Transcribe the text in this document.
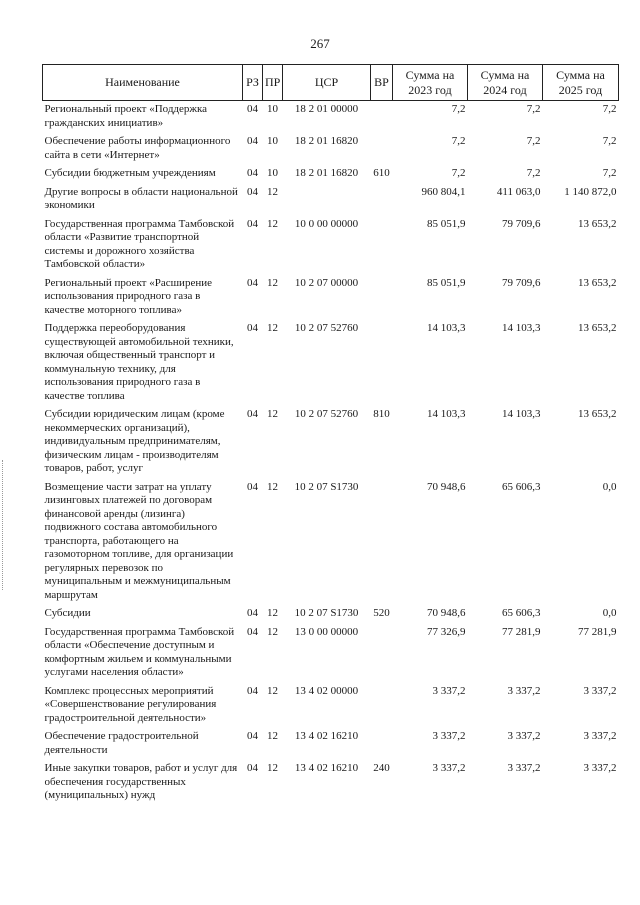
267
Наименование	РЗ	ПР	ЦСР	ВР	Сумма на 2023 год	Сумма на 2024 год	Сумма на 2025 год
Региональный проект «Поддержка гражданских инициатив»	04	10	18 2 01 00000		7,2	7,2	7,2
Обеспечение работы информационного сайта в сети «Интернет»	04	10	18 2 01 16820		7,2	7,2	7,2
Субсидии бюджетным учреждениям	04	10	18 2 01 16820	610	7,2	7,2	7,2
Другие вопросы в области национальной экономики	04	12			960 804,1	411 063,0	1 140 872,0
Государственная программа Тамбовской области «Развитие транспортной системы и дорожного хозяйства Тамбовской области»	04	12	10 0 00 00000		85 051,9	79 709,6	13 653,2
Региональный проект «Расширение использования природного газа в качестве моторного топлива»	04	12	10 2 07 00000		85 051,9	79 709,6	13 653,2
Поддержка переоборудования существующей автомобильной техники, включая общественный транспорт и коммунальную технику, для использования природного газа в качестве топлива	04	12	10 2 07 52760		14 103,3	14 103,3	13 653,2
Субсидии юридическим лицам (кроме некоммерческих организаций), индивидуальным предпринимателям, физическим лицам - производителям товаров, работ, услуг	04	12	10 2 07 52760	810	14 103,3	14 103,3	13 653,2
Возмещение части затрат на уплату лизинговых платежей по договорам финансовой аренды (лизинга) подвижного состава автомобильного транспорта, работающего на газомоторном топливе, для организации регулярных перевозок по муниципальным и межмуниципальным маршрутам	04	12	10 2 07 S1730		70 948,6	65 606,3	0,0
Субсидии	04	12	10 2 07 S1730	520	70 948,6	65 606,3	0,0
Государственная программа Тамбовской области «Обеспечение доступным и комфортным жильем и коммунальными услугами населения области»	04	12	13 0 00 00000		77 326,9	77 281,9	77 281,9
Комплекс процессных мероприятий «Совершенствование регулирования градостроительной деятельности»	04	12	13 4 02 00000		3 337,2	3 337,2	3 337,2
Обеспечение градостроительной деятельности	04	12	13 4 02 16210		3 337,2	3 337,2	3 337,2
Иные закупки товаров, работ и услуг для обеспечения государственных (муниципальных) нужд	04	12	13 4 02 16210	240	3 337,2	3 337,2	3 337,2
